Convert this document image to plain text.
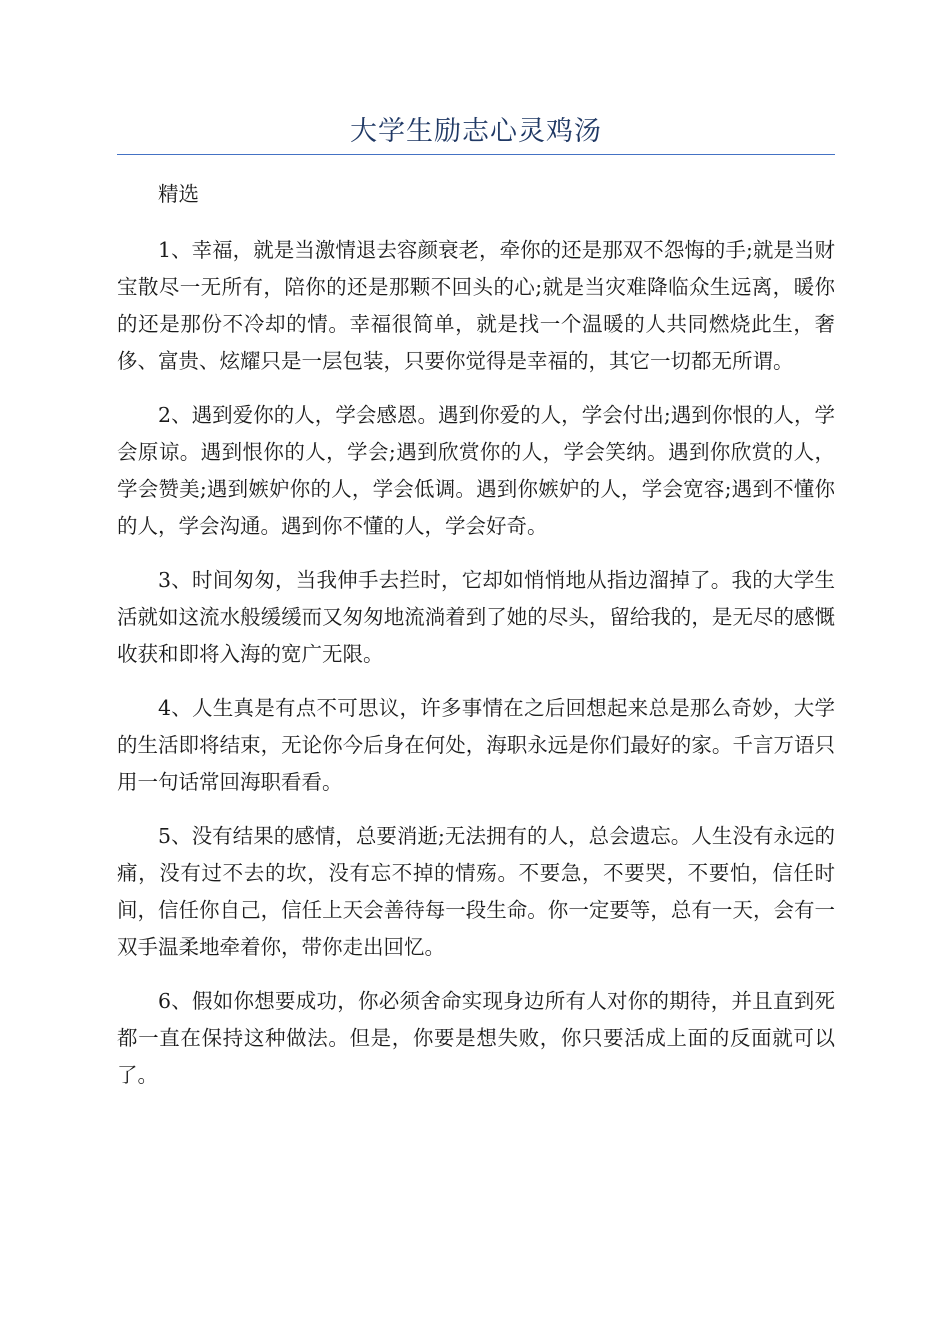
大学生励志心灵鸡汤

精选

1、幸福，就是当激情退去容颜衰老，牵你的还是那双不怨悔的手;就是当财宝散尽一无所有，陪你的还是那颗不回头的心;就是当灾难降临众生远离，暖你的还是那份不冷却的情。幸福很简单，就是找一个温暖的人共同燃烧此生，奢侈、富贵、炫耀只是一层包装，只要你觉得是幸福的，其它一切都无所谓。

2、遇到爱你的人，学会感恩。遇到你爱的人，学会付出;遇到你恨的人，学会原谅。遇到恨你的人，学会;遇到欣赏你的人，学会笑纳。遇到你欣赏的人，学会赞美;遇到嫉妒你的人，学会低调。遇到你嫉妒的人，学会宽容;遇到不懂你的人，学会沟通。遇到你不懂的人，学会好奇。

3、时间匆匆，当我伸手去拦时，它却如悄悄地从指边溜掉了。我的大学生活就如这流水般缓缓而又匆匆地流淌着到了她的尽头，留给我的，是无尽的感慨收获和即将入海的宽广无限。

4、人生真是有点不可思议，许多事情在之后回想起来总是那么奇妙，大学的生活即将结束，无论你今后身在何处，海职永远是你们最好的家。千言万语只用一句话常回海职看看。

5、没有结果的感情，总要消逝;无法拥有的人，总会遗忘。人生没有永远的痛，没有过不去的坎，没有忘不掉的情殇。不要急，不要哭，不要怕，信任时间，信任你自己，信任上天会善待每一段生命。你一定要等，总有一天，会有一双手温柔地牵着你，带你走出回忆。

6、假如你想要成功，你必须舍命实现身边所有人对你的期待，并且直到死都一直在保持这种做法。但是，你要是想失败，你只要活成上面的反面就可以了。
